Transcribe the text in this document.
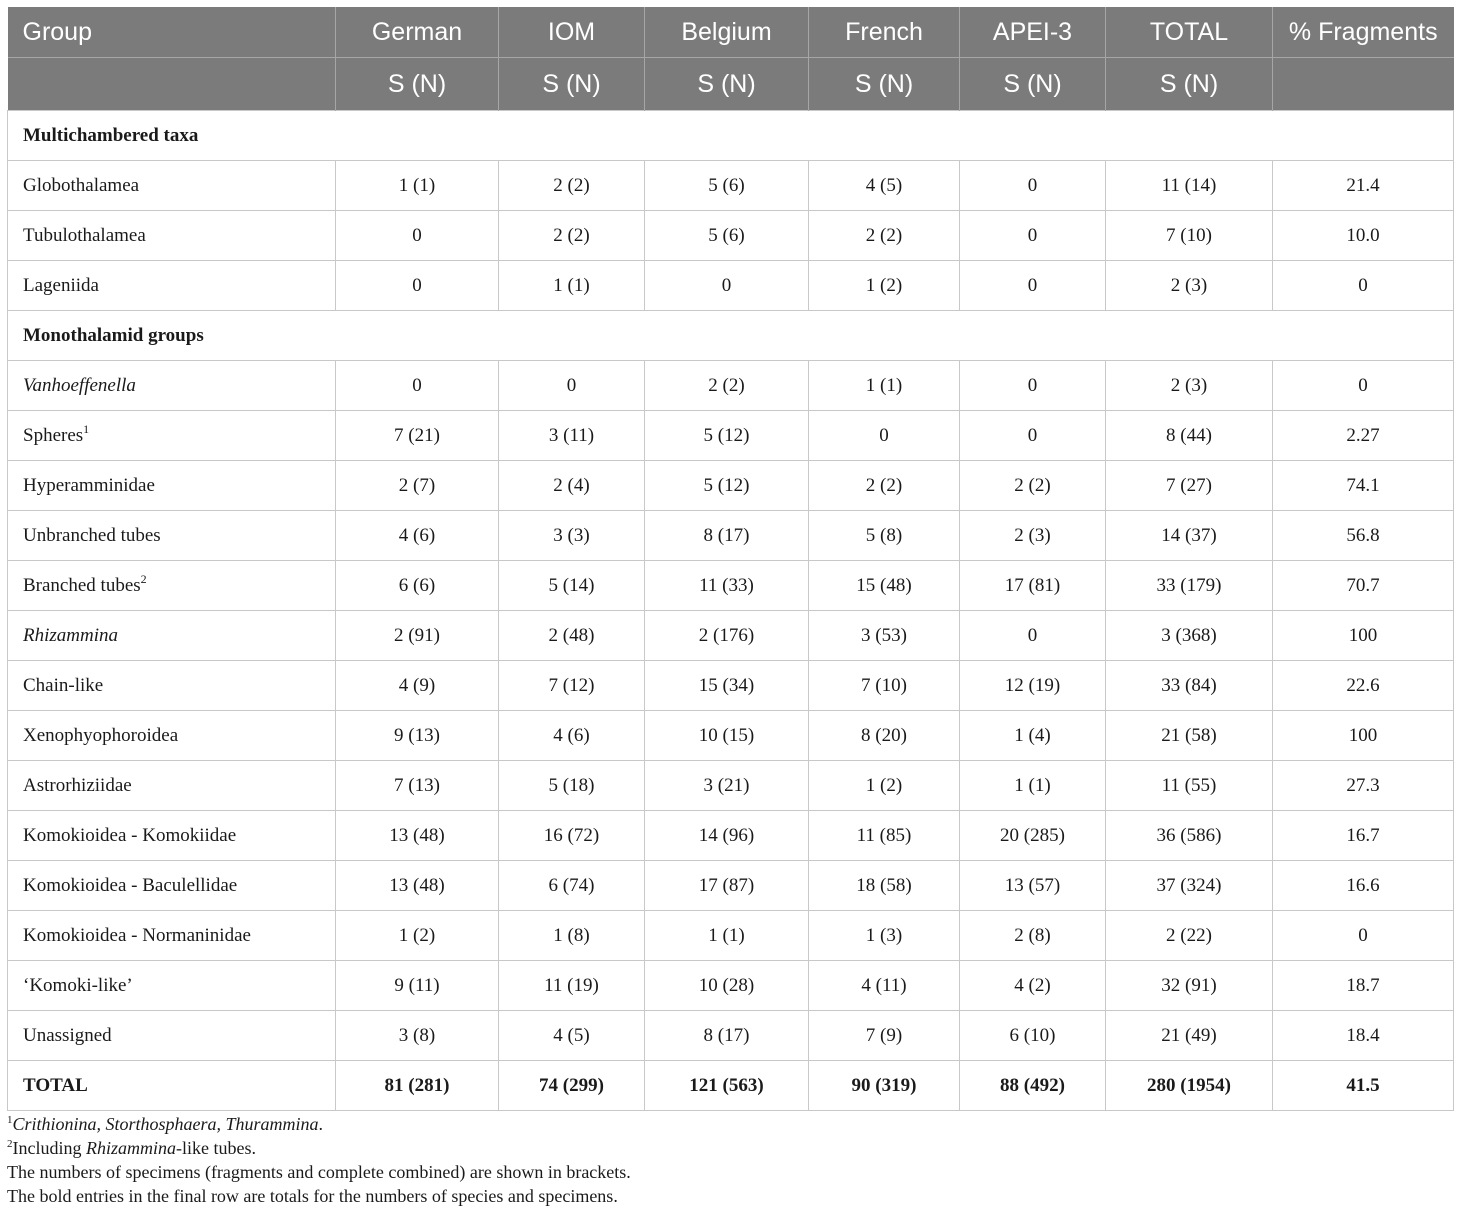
Group	German	IOM	Belgium	French	APEI-3	TOTAL	% Fragments
	S (N)	S (N)	S (N)	S (N)	S (N)	S (N)	
Multichambered taxa							
Globothalamea	1 (1)	2 (2)	5 (6)	4 (5)	0	11 (14)	21.4
Tubulothalamea	0	2 (2)	5 (6)	2 (2)	0	7 (10)	10.0
Lageniida	0	1 (1)	0	1 (2)	0	2 (3)	0
Monothalamid groups							
Vanhoeffenella	0	0	2 (2)	1 (1)	0	2 (3)	0
Spheres$^1$	7 (21)	3 (11)	5 (12)	0	0	8 (44)	2.27
Hyperamminidae	2 (7)	2 (4)	5 (12)	2 (2)	2 (2)	7 (27)	74.1
Unbranched tubes	4 (6)	3 (3)	8 (17)	5 (8)	2 (3)	14 (37)	56.8
Branched tubes$^2$	6 (6)	5 (14)	11 (33)	15 (48)	17 (81)	33 (179)	70.7
Rhizammina	2 (91)	2 (48)	2 (176)	3 (53)	0	3 (368)	100
Chain-like	4 (9)	7 (12)	15 (34)	7 (10)	12 (19)	33 (84)	22.6
Xenophyophoroidea	9 (13)	4 (6)	10 (15)	8 (20)	1 (4)	21 (58)	100
Astrorhiziidae	7 (13)	5 (18)	3 (21)	1 (2)	1 (1)	11 (55)	27.3
Komokioidea - Komokiidae	13 (48)	16 (72)	14 (96)	11 (85)	20 (285)	36 (586)	16.7
Komokioidea - Baculellidae	13 (48)	6 (74)	17 (87)	18 (58)	13 (57)	37 (324)	16.6
Komokioidea - Normaninidae	1 (2)	1 (8)	1 (1)	1 (3)	2 (8)	2 (22)	0
‘Komoki-like’	9 (11)	11 (19)	10 (28)	4 (11)	4 (2)	32 (91)	18.7
Unassigned	3 (8)	4 (5)	8 (17)	7 (9)	6 (10)	21 (49)	18.4
TOTAL	81 (281)	74 (299)	121 (563)	90 (319)	88 (492)	280 (1954)	41.5
$^1$Crithionina, Storthosphaera, Thurammina.
$^2$Including Rhizammina-like tubes.
The numbers of specimens (fragments and complete combined) are shown in brackets.
The bold entries in the final row are totals for the numbers of species and specimens.
